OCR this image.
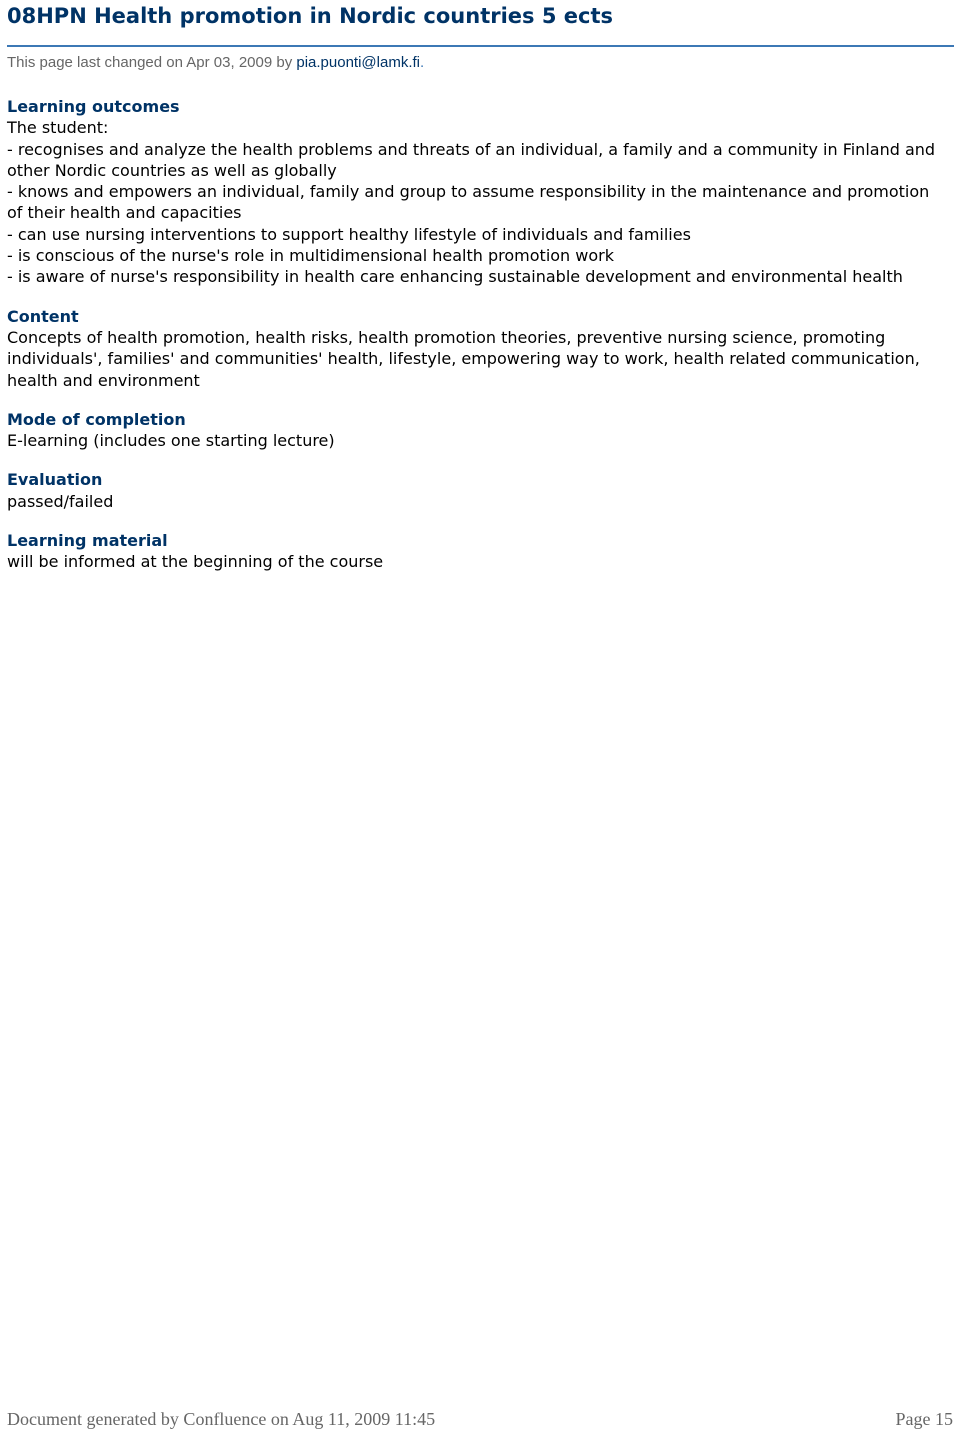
08HPN Health promotion in Nordic countries 5 ects
This page last changed on Apr 03, 2009 by pia.puonti@lamk.fi.
Learning outcomes
The student:
- recognises and analyze the health problems and threats of an individual, a family and a community in Finland and other Nordic countries as well as globally
- knows and empowers an individual, family and group to assume responsibility in the maintenance and promotion of their health and capacities
- can use nursing interventions to support healthy lifestyle of individuals and families
- is conscious of the nurse's role in multidimensional health promotion work
- is aware of nurse's responsibility in health care enhancing sustainable development and environmental health
Content
Concepts of health promotion, health risks, health promotion theories, preventive nursing science, promoting individuals', families' and communities' health, lifestyle, empowering way to work, health related communication, health and environment
Mode of completion
E-learning (includes one starting lecture)
Evaluation
passed/failed
Learning material
will be informed at the beginning of the course
Document generated by Confluence on Aug 11, 2009 11:45	Page 15
